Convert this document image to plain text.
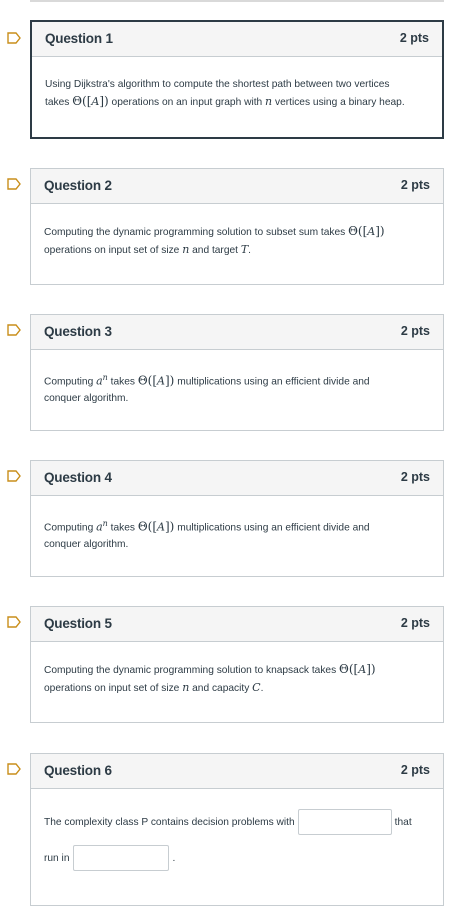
Question 1	2 pts
Using Dijkstra's algorithm to compute the shortest path between two vertices
takes Θ([A]) operations on an input graph with n vertices using a binary heap.
Question 2	2 pts
Computing the dynamic programming solution to subset sum takes Θ([A])
operations on input set of size n and target T.
Question 3	2 pts
Computing $a^n$ takes Θ([A]) multiplications using an efficient divide and
conquer algorithm.
Question 4	2 pts
Computing $a^n$ takes Θ([A]) multiplications using an efficient divide and
conquer algorithm.
Question 5	2 pts
Computing the dynamic programming solution to knapsack takes Θ([A])
operations on input set of size n and capacity C.
Question 6	2 pts
The complexity class P contains decision problems with	that
run in	.
